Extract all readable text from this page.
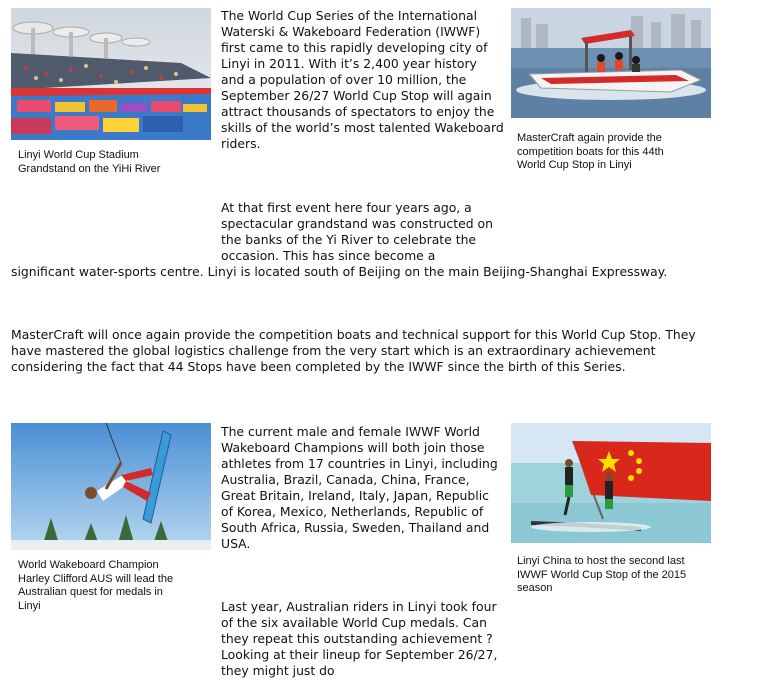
Linyi World Cup Stadium Grandstand on the YiHi River

The World Cup Series of the International Waterski & Wakeboard Federation (IWWF) first came to this rapidly developing city of Linyi in 2011. With it’s 2,400 year history and a population of over 10 million, the September 26/27 World Cup Stop will again attract thousands of spectators to enjoy the skills of the world’s most talented Wakeboard riders.	MasterCraft again provide the competition boats for this 44th World Cup Stop in Linyi

At that first event here four years ago, a spectacular grandstand was constructed on the banks of the Yi River to celebrate the occasion. This has since become a

significant water-sports centre. Linyi is located south of Beijing on the main Beijing-Shanghai Expressway.

MasterCraft will once again provide the competition boats and technical support for this World Cup Stop. They have mastered the global logistics challenge from the very start which is an extraordinary achievement considering the fact that 44 Stops have been completed by the IWWF since the birth of this Series.

World Wakeboard Champion Harley Clifford AUS will lead the Australian quest for medals in Linyi

The current male and female IWWF World Wakeboard Champions will both join those athletes from 17 countries in Linyi, including Australia, Brazil, Canada, China, France, Great Britain, Ireland, Italy, Japan, Republic of Korea, Mexico, Netherlands, Republic of South Africa, Russia, Sweden, Thailand and USA.

Linyi China to host the second last IWWF World Cup Stop of the 2015 season

Last year, Australian riders in Linyi took four of the six available World Cup medals. Can they repeat this outstanding achievement ? Looking at their lineup for September 26/27, they might just do
